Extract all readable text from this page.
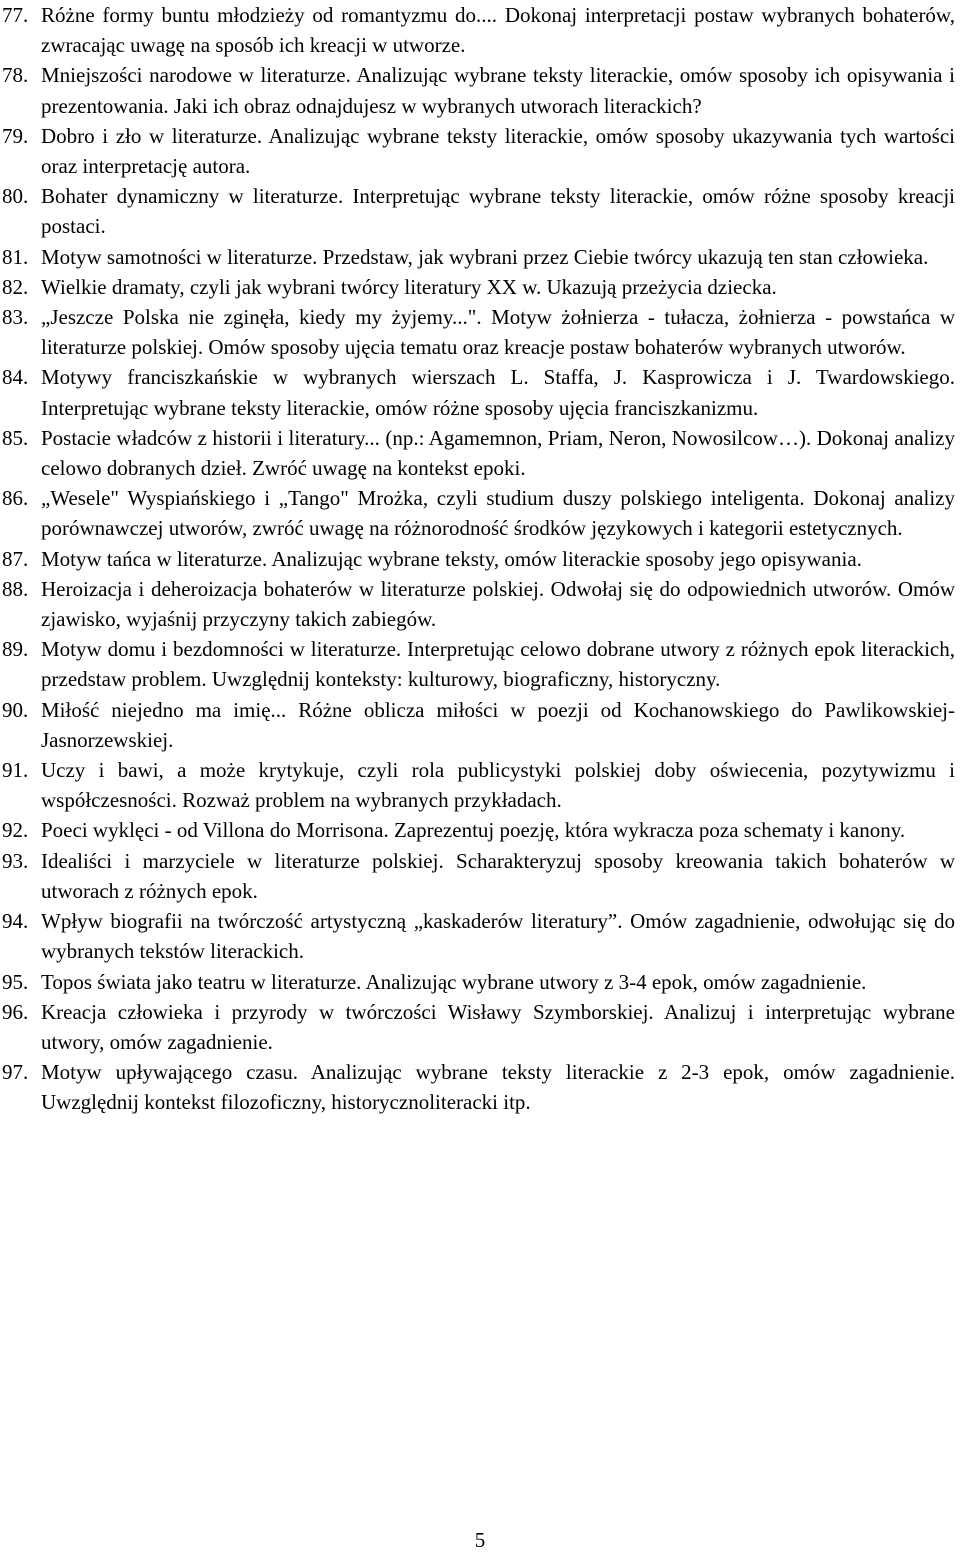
77. Różne formy buntu młodzieży od romantyzmu do.... Dokonaj interpretacji postaw wybranych bohaterów, zwracając uwagę na sposób ich kreacji w utworze.
78. Mniejszości narodowe w literaturze. Analizując wybrane teksty literackie, omów sposoby ich opisywania i prezentowania. Jaki ich obraz odnajdujesz w wybranych utworach literackich?
79. Dobro i zło w literaturze. Analizując wybrane teksty literackie, omów sposoby ukazywania tych wartości oraz interpretację autora.
80. Bohater dynamiczny w literaturze. Interpretując wybrane teksty literackie, omów różne sposoby kreacji postaci.
81. Motyw samotności w literaturze. Przedstaw, jak wybrani przez Ciebie twórcy ukazują ten stan człowieka.
82. Wielkie dramaty, czyli jak wybrani twórcy literatury XX w. Ukazują przeżycia dziecka.
83. „Jeszcze Polska nie zginęła, kiedy my żyjemy...". Motyw żołnierza - tułacza, żołnierza - powstańca w literaturze polskiej. Omów sposoby ujęcia tematu oraz kreacje postaw bohaterów wybranych utworów.
84. Motywy franciszkańskie w wybranych wierszach L. Staffa, J. Kasprowicza i J. Twardowskiego. Interpretując wybrane teksty literackie, omów różne sposoby ujęcia franciszkanizmu.
85. Postacie władców z historii i literatury... (np.: Agamemnon, Priam, Neron, Nowosilcow…). Dokonaj analizy celowo dobranych dzieł. Zwróć uwagę na kontekst epoki.
86. „Wesele" Wyspiańskiego i „Tango" Mrożka, czyli studium duszy polskiego inteligenta. Dokonaj analizy porównawczej utworów, zwróć uwagę na różnorodność środków językowych i kategorii estetycznych.
87. Motyw tańca w literaturze. Analizując wybrane teksty, omów literackie sposoby jego opisywania.
88. Heroizacja i deheroizacja bohaterów w literaturze polskiej. Odwołaj się do odpowiednich utworów. Omów zjawisko, wyjaśnij przyczyny takich zabiegów.
89. Motyw domu i bezdomności w literaturze. Interpretując celowo dobrane utwory z różnych epok literackich, przedstaw problem. Uwzględnij konteksty: kulturowy, biograficzny, historyczny.
90. Miłość niejedno ma imię... Różne oblicza miłości w poezji od Kochanowskiego do Pawlikowskiej-Jasnorzewskiej.
91. Uczy i bawi, a może krytykuje, czyli rola publicystyki polskiej doby oświecenia, pozytywizmu i współczesności. Rozważ problem na wybranych przykładach.
92. Poeci wyklęci - od Villona do Morrisona. Zaprezentuj poezję, która wykracza poza schematy i kanony.
93. Idealiści i marzyciele w literaturze polskiej. Scharakteryzuj sposoby kreowania takich bohaterów w utworach z różnych epok.
94. Wpływ biografii na twórczość artystyczną „kaskaderów literatury”. Omów zagadnienie, odwołując się do wybranych tekstów literackich.
95. Topos świata jako teatru w literaturze. Analizując wybrane utwory z 3-4 epok, omów zagadnienie.
96. Kreacja człowieka i przyrody w twórczości Wisławy Szymborskiej. Analizuj i interpretując wybrane utwory, omów zagadnienie.
97. Motyw upływającego czasu. Analizując wybrane teksty literackie z 2-3 epok, omów zagadnienie. Uwzględnij kontekst filozoficzny, historycznoliteracki itp.
5
